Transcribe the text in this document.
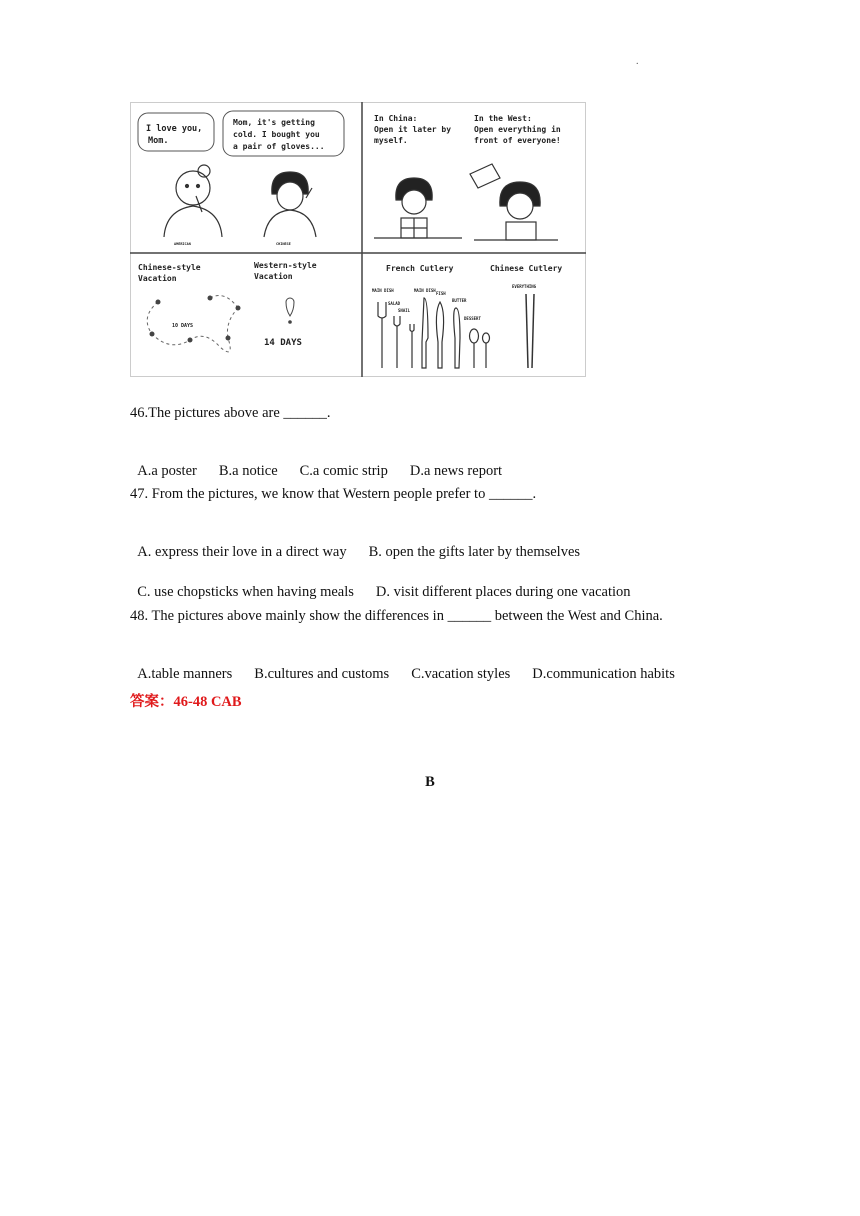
.
I love you,
Mom.
Mom, it's getting
cold. I bought you
a pair of gloves...
AMERICAN	CHINESE
In China:
Open it later by
myself.
In the West:
Open everything in
front of everyone!
Chinese-style
Vacation
Western-style
Vacation
10 DAYS
14 DAYS
French Cutlery	Chinese Cutlery
MAIN DISH
SALAD
SNAIL
MAIN DISH
FISH
BUTTER
DESSERT
EVERYTHING
46.The pictures above are ______.

A.a poster B.a notice C.a comic strip D.a news report

47. From the pictures, we know that Western people prefer to ______.

A. express their love in a direct way B. open the gifts later by themselves

C. use chopsticks when having meals D. visit different places during one vacation

48. The pictures above mainly show the differences in ______ between the West and China.

A.table manners B.cultures and customs C.vacation styles D.communication habits

答案：46-48 CAB
B
